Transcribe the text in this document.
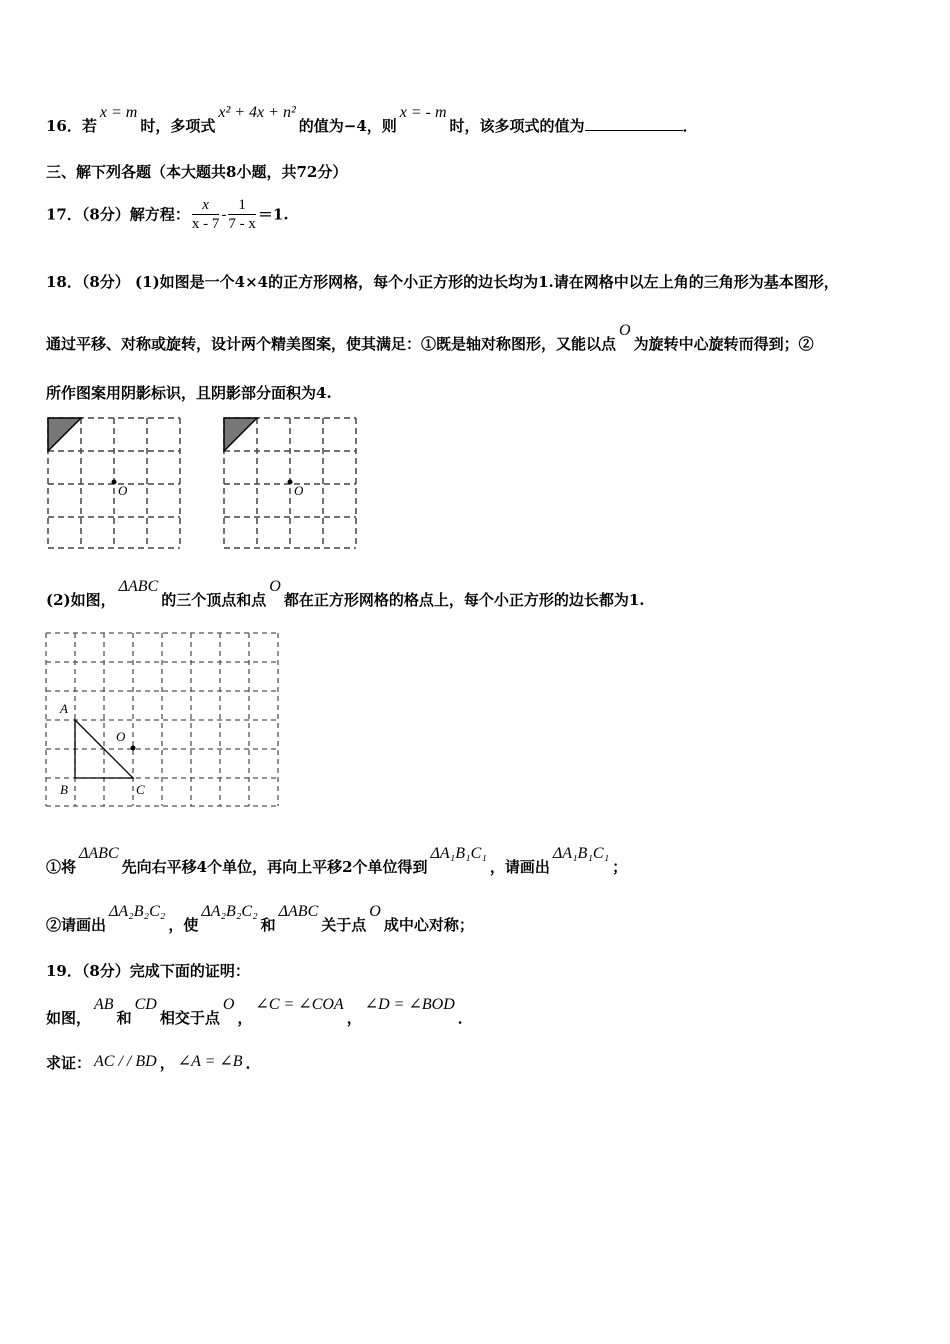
16．若x = m时，多项式x² + 4x + n²的值为−4，则x = - m时，该多项式的值为	．
三、解下列各题（本大题共8小题，共72分）
17．（8分）解方程： $\frac{x}{x - 7} - \frac{1}{7 - x} =1$.
18．（8分） (1)如图是一个4×4的正方形网格，每个小正方形的边长均为1.请在网格中以左上角的三角形为基本图形，
通过平移、对称或旋转，设计两个精美图案，使其满足：①既是轴对称图形，又能以点O为旋转中心旋转而得到；②
所作图案用阴影标识，且阴影部分面积为4.
O	O
(2)如图，ΔABC的三个顶点和点O都在正方形网格的格点上，每个小正方形的边长都为1.
A
O
B	C
①将ΔABC先向右平移4个单位，再向上平移2个单位得到ΔA₁B₁C₁，请画出ΔA₁B₁C₁；
②请画出ΔA₂B₂C₂，使ΔA₂B₂C₂和ΔABC关于点O成中心对称；
19．（8分）完成下面的证明：
如图，AB和CD相交于点O，∠C = ∠COA，∠D = ∠BOD．
求证： AC / / BD ， ∠A = ∠B ．
